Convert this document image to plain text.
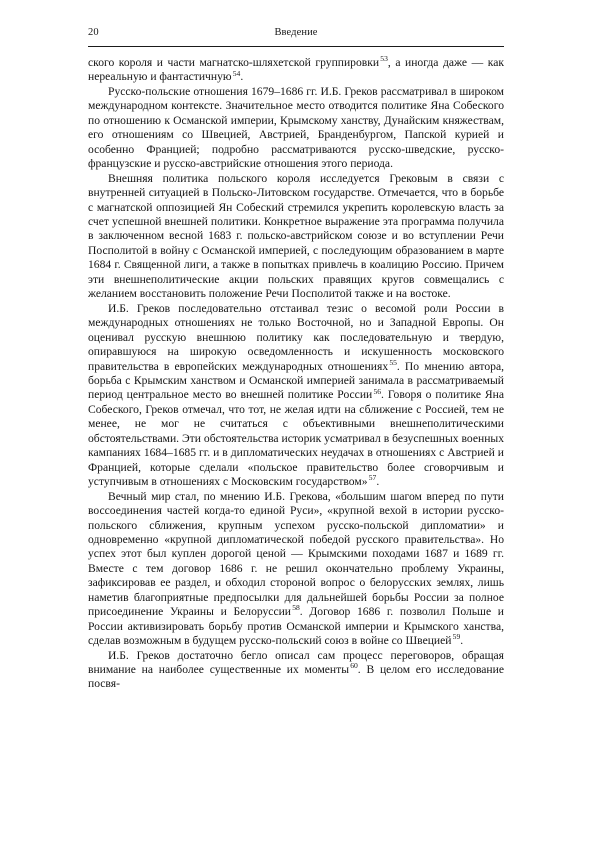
20	Введение

ского короля и части магнатско-шляхетской группировки$^{53}$, а иногда даже — как нереальную и фантастичную$^{54}$.

Русско-польские отношения 1679–1686 гг. И.Б. Греков рассматривал в широком международном контексте. Значительное место отводится политике Яна Собеского по отношению к Османской империи, Крымскому ханству, Дунайским княжествам, его отношениям со Швецией, Австрией, Бранденбургом, Папской курией и особенно Францией; подробно рассматриваются русско-шведские, русско-французские и русско-австрийские отношения этого периода.

Внешняя политика польского короля исследуется Грековым в связи с внутренней ситуацией в Польско-Литовском государстве. Отмечается, что в борьбе с магнатской оппозицией Ян Собеский стремился укрепить королевскую власть за счет успешной внешней политики. Конкретное выражение эта программа получила в заключенном весной 1683 г. польско-австрийском союзе и во вступлении Речи Посполитой в войну с Османской империей, с последующим образованием в марте 1684 г. Священной лиги, а также в попытках привлечь в коалицию Россию. Причем эти внешнеполитические акции польских правящих кругов совмещались с желанием восстановить положение Речи Посполитой также и на востоке.

И.Б. Греков последовательно отстаивал тезис о весомой роли России в международных отношениях не только Восточной, но и Западной Европы. Он оценивал русскую внешнюю политику как последовательную и твердую, опиравшуюся на широкую осведомленность и искушенность московского правительства в европейских международных отношениях$^{55}$. По мнению автора, борьба с Крымским ханством и Османской империей занимала в рассматриваемый период центральное место во внешней политике России$^{56}$. Говоря о политике Яна Собеского, Греков отмечал, что тот, не желая идти на сближение с Россией, тем не менее, не мог не считаться с объективными внешнеполитическими обстоятельствами. Эти обстоятельства историк усматривал в безуспешных военных кампаниях 1684–1685 гг. и в дипломатических неудачах в отношениях с Австрией и Францией, которые сделали «польское правительство более сговорчивым и уступчивым в отношениях с Московским государством»$^{57}$.

Вечный мир стал, по мнению И.Б. Грекова, «большим шагом вперед по пути воссоединения частей когда-то единой Руси», «крупной вехой в истории русско-польского сближения, крупным успехом русско-польской дипломатии» и одновременно «крупной дипломатической победой русского правительства». Но успех этот был куплен дорогой ценой — Крымскими походами 1687 и 1689 гг. Вместе с тем договор 1686 г. не решил окончательно проблему Украины, зафиксировав ее раздел, и обходил стороной вопрос о белорусских землях, лишь наметив благоприятные предпосылки для дальнейшей борьбы России за полное присоединение Украины и Белоруссии$^{58}$. Договор 1686 г. позволил Польше и России активизировать борьбу против Османской империи и Крымского ханства, сделав возможным в будущем русско-польский союз в войне со Швецией$^{59}$.

И.Б. Греков достаточно бегло описал сам процесс переговоров, обращая внимание на наиболее существенные их моменты$^{60}$. В целом его исследование посвя-
